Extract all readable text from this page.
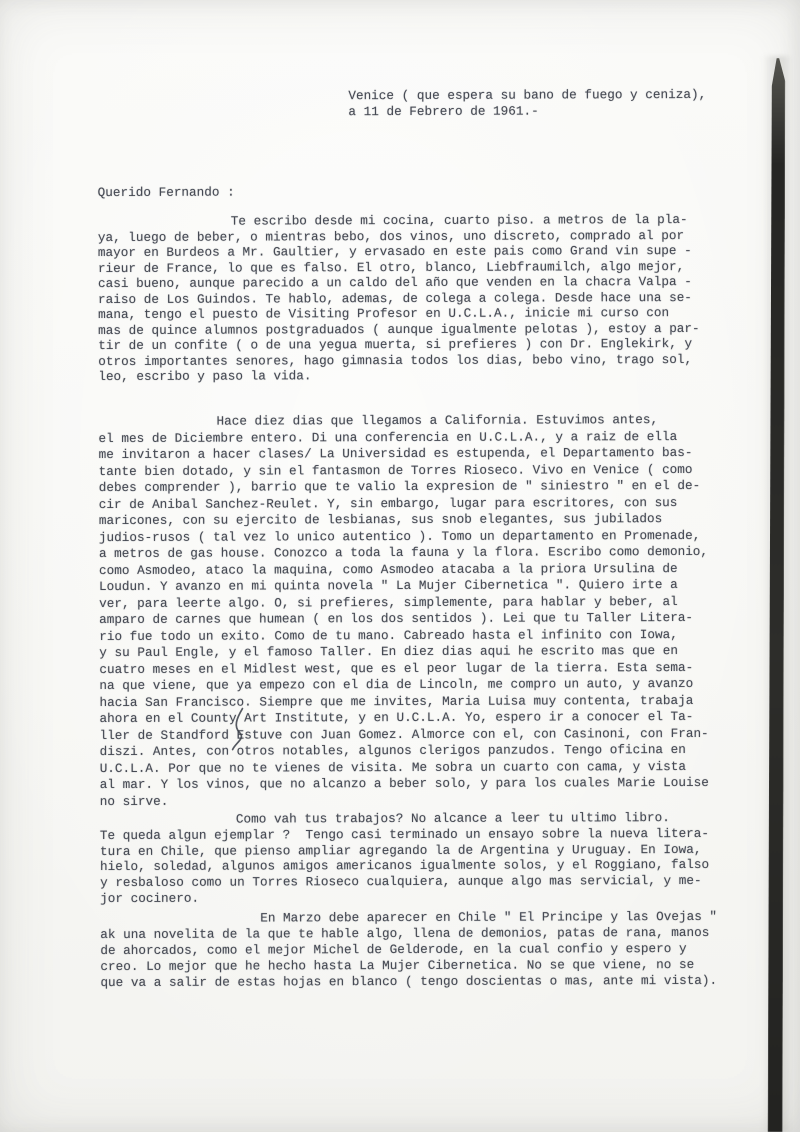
Venice ( que espera su bano de fuego y ceniza),
a 11 de Febrero de 1961.-
Querido Fernando :
Te escribo desde mi cocina, cuarto piso. a metros de la pla-
ya, luego de beber, o mientras bebo, dos vinos, uno discreto, comprado al por
mayor en Burdeos a Mr. Gaultier, y ervasado en este pais como Grand vin supe -
rieur de France, lo que es falso. El otro, blanco, Liebfraumilch, algo mejor,
casi bueno, aunque parecido a un caldo del año que venden en la chacra Valpa -
raiso de Los Guindos. Te hablo, ademas, de colega a colega. Desde hace una se-
mana, tengo el puesto de Visiting Profesor en U.C.L.A., inicie mi curso con
mas de quince alumnos postgraduados ( aunque igualmente pelotas ), estoy a par-
tir de un confite ( o de una yegua muerta, si prefieres ) con Dr. Englekirk, y
otros importantes senores, hago gimnasia todos los dias, bebo vino, trago sol,
leo, escribo y paso la vida.
Hace diez dias que llegamos a California. Estuvimos antes,
el mes de Diciembre entero. Di una conferencia en U.C.L.A., y a raiz de ella
me invitaron a hacer clases/ La Universidad es estupenda, el Departamento bas-
tante bien dotado, y sin el fantasmon de Torres Rioseco. Vivo en Venice ( como
debes comprender ), barrio que te valio la expresion de " siniestro " en el de-
cir de Anibal Sanchez-Reulet. Y, sin embargo, lugar para escritores, con sus
maricones, con su ejercito de lesbianas, sus snob elegantes, sus jubilados
judios-rusos ( tal vez lo unico autentico ). Tomo un departamento en Promenade,
a metros de gas house. Conozco a toda la fauna y la flora. Escribo como demonio,
como Asmodeo, ataco la maquina, como Asmodeo atacaba a la priora Ursulina de
Loudun. Y avanzo en mi quinta novela " La Mujer Cibernetica ". Quiero irte a
ver, para leerte algo. O, si prefieres, simplemente, para hablar y beber, al
amparo de carnes que humean ( en los dos sentidos ). Lei que tu Taller Litera-
rio fue todo un exito. Como de tu mano. Cabreado hasta el infinito con Iowa,
y su Paul Engle, y el famoso Taller. En diez dias aqui he escrito mas que en
cuatro meses en el Midlest west, que es el peor lugar de la tierra. Esta sema-
na que viene, que ya empezo con el dia de Lincoln, me compro un auto, y avanzo
hacia San Francisco. Siempre que me invites, Maria Luisa muy contenta, trabaja
ahora en el County Art Institute, y en U.C.L.A. Yo, espero ir a conocer el Ta-
ller de Standford Estuve con Juan Gomez. Almorce con el, con Casinoni, con Fran-
diszi. Antes, con otros notables, algunos clerigos panzudos. Tengo oficina en
U.C.L.A. Por que no te vienes de visita. Me sobra un cuarto con cama, y vista
al mar. Y los vinos, que no alcanzo a beber solo, y para los cuales Marie Louise
no sirve.
Como vah tus trabajos? No alcance a leer tu ultimo libro.
Te queda algun ejemplar ?  Tengo casi terminado un ensayo sobre la nueva litera-
tura en Chile, que pienso ampliar agregando la de Argentina y Uruguay. En Iowa,
hielo, soledad, algunos amigos americanos igualmente solos, y el Roggiano, falso
y resbaloso como un Torres Rioseco cualquiera, aunque algo mas servicial, y me-
jor cocinero.
En Marzo debe aparecer en Chile " El Principe y las Ovejas "
ak una novelita de la que te hable algo, llena de demonios, patas de rana, manos
de ahorcados, como el mejor Michel de Gelderode, en la cual confio y espero y
creo. Lo mejor que he hecho hasta La Mujer Cibernetica. No se que viene, no se
que va a salir de estas hojas en blanco ( tengo doscientas o mas, ante mi vista).
